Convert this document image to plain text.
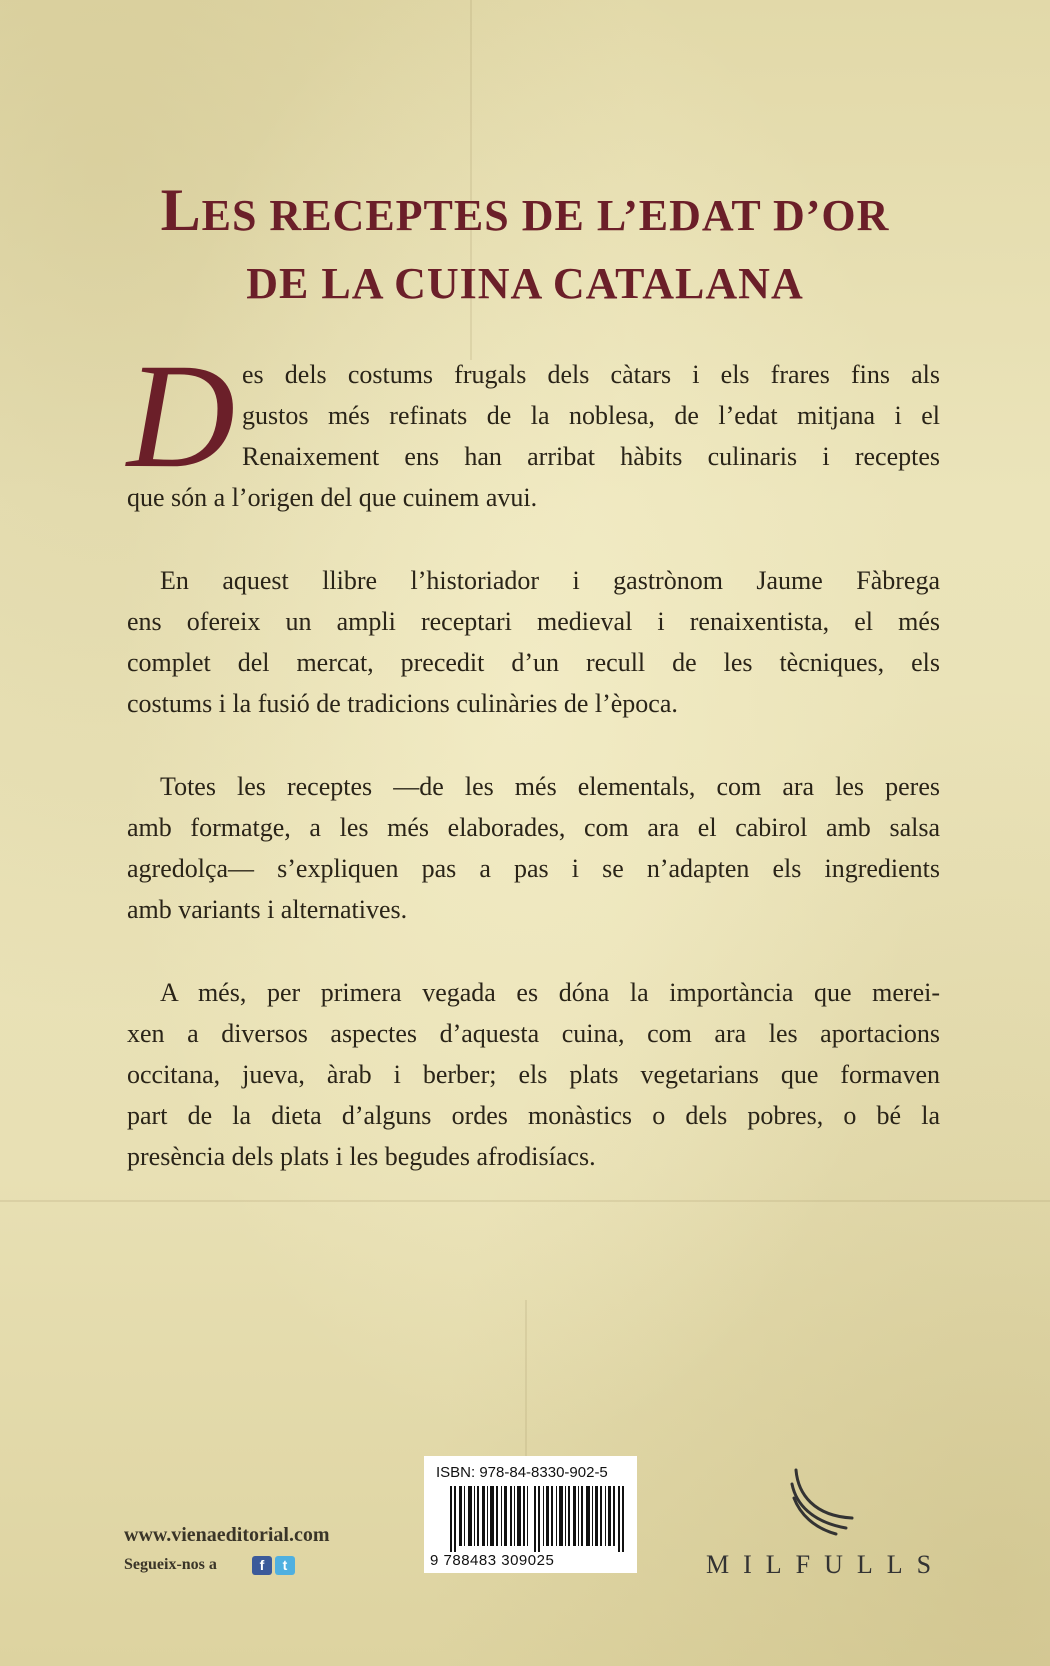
LES RECEPTES DE L’EDAT D’OR
DE LA CUINA CATALANA
D es dels costums frugals dels càtars i els frares fins als

gustos més refinats de la noblesa, de l’edat mitjana i el

Renaixement ens han arribat hàbits culinaris i receptes

que són a l’origen del que cuinem avui.

En aquest llibre l’historiador i gastrònom Jaume Fàbrega

ens ofereix un ampli receptari medieval i renaixentista, el més

complet del mercat, precedit d’un recull de les tècniques, els

costums i la fusió de tradicions culinàries de l’època.

Totes les receptes —de les més elementals, com ara les peres

amb formatge, a les més elaborades, com ara el cabirol amb salsa

agredolça— s’expliquen pas a pas i se n’adapten els ingredients

amb variants i alternatives.

A més, per primera vegada es dóna la importància que merei-

xen a diversos aspectes d’aquesta cuina, com ara les aportacions

occitana, jueva, àrab i berber; els plats vegetarians que formaven

part de la dieta d’alguns ordes monàstics o dels pobres, o bé la

presència dels plats i les begudes afrodisíacs.

www.vienaeditorial.com
Segueix-nos a	f	t
ISBN: 978-84-8330-902-5
9 788483 309025	MILFULLS
